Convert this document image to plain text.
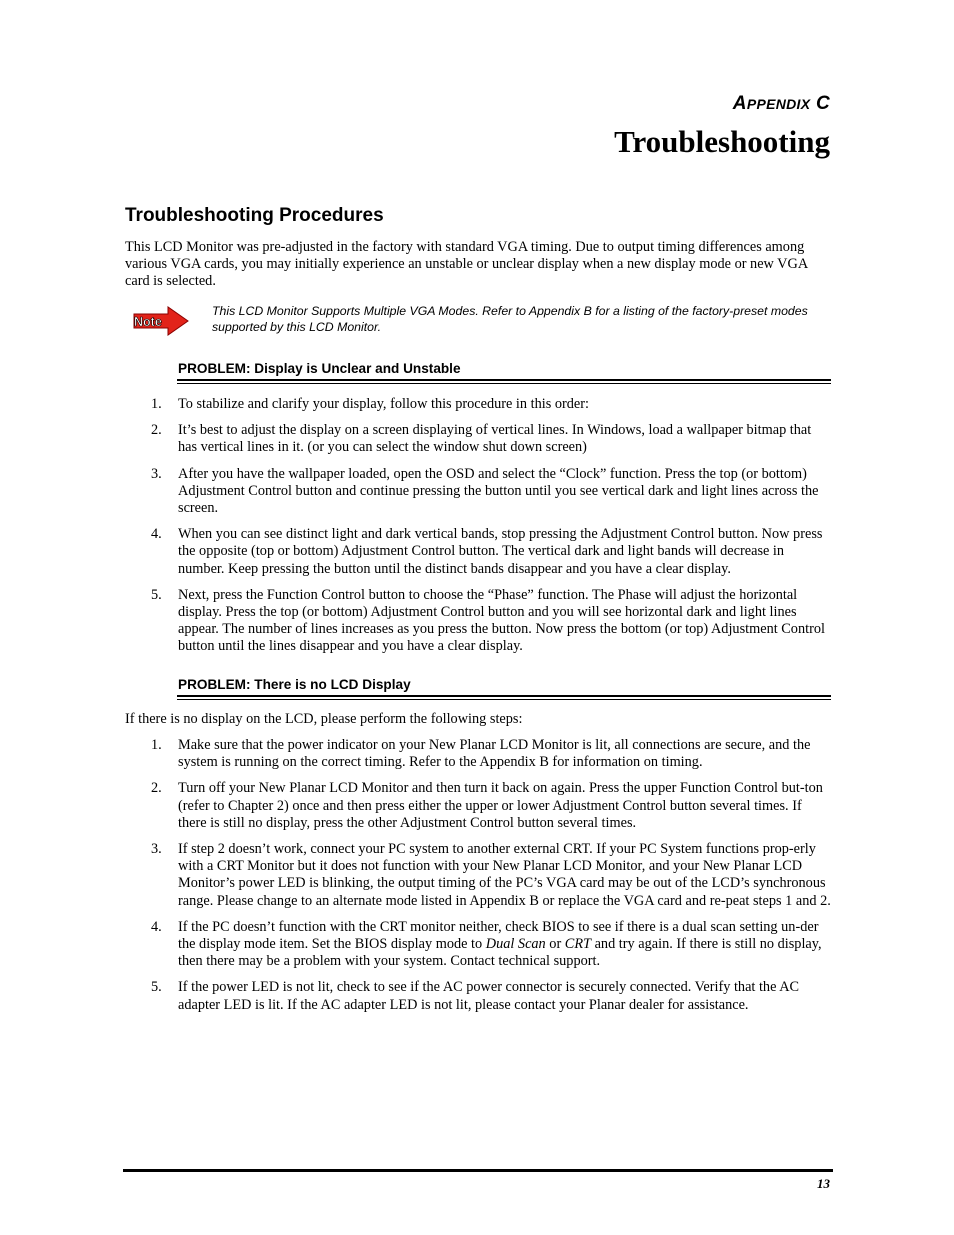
APPENDIX C
Troubleshooting
Troubleshooting Procedures

This LCD Monitor was pre-adjusted in the factory with standard VGA timing. Due to output timing differences among various VGA cards, you may initially experience an unstable or unclear display when a new display mode or new VGA card is selected.

Note

This LCD Monitor Supports Multiple VGA Modes. Refer to Appendix B for a listing of the factory-preset modes supported by this LCD Monitor.

PROBLEM: Display is Unclear and Unstable
1. To stabilize and clarify your display, follow this procedure in this order:
2. It’s best to adjust the display on a screen displaying of vertical lines. In Windows, load a wallpaper bitmap that has vertical lines in it. (or you can select the window shut down screen)
3. After you have the wallpaper loaded, open the OSD and select the “Clock” function. Press the top (or bottom) Adjustment Control button and continue pressing the button until you see vertical dark and light lines across the screen.
4. When you can see distinct light and dark vertical bands, stop pressing the Adjustment Control button. Now press the opposite (top or bottom) Adjustment Control button. The vertical dark and light bands will decrease in number. Keep pressing the button until the distinct bands disappear and you have a clear display.
5. Next, press the Function Control button to choose the “Phase” function. The Phase will adjust the horizontal display. Press the top (or bottom) Adjustment Control button and you will see horizontal dark and light lines appear. The number of lines increases as you press the button. Now press the bottom (or top) Adjustment Control button until the lines disappear and you have a clear display.
PROBLEM: There is no LCD Display

If there is no display on the LCD, please perform the following steps:

1. Make sure that the power indicator on your New Planar LCD Monitor is lit, all connections are secure, and the system is running on the correct timing. Refer to the Appendix B for information on timing.
2. Turn off your New Planar LCD Monitor and then turn it back on again. Press the upper Function Control but-ton (refer to Chapter 2) once and then press either the upper or lower Adjustment Control button several times. If there is still no display, press the other Adjustment Control button several times.
3. If step 2 doesn’t work, connect your PC system to another external CRT. If your PC System functions prop-erly with a CRT Monitor but it does not function with your New Planar LCD Monitor, and your New Planar LCD Monitor’s power LED is blinking, the output timing of the PC’s VGA card may be out of the LCD’s synchronous range. Please change to an alternate mode listed in Appendix B or replace the VGA card and re-peat steps 1 and 2.
4. If the PC doesn’t function with the CRT monitor neither, check BIOS to see if there is a dual scan setting un-der the display mode item. Set the BIOS display mode to Dual Scan or CRT and try again. If there is still no display, then there may be a problem with your system. Contact technical support.
5. If the power LED is not lit, check to see if the AC power connector is securely connected. Verify that the AC adapter LED is lit. If the AC adapter LED is not lit, please contact your Planar dealer for assistance.
13
